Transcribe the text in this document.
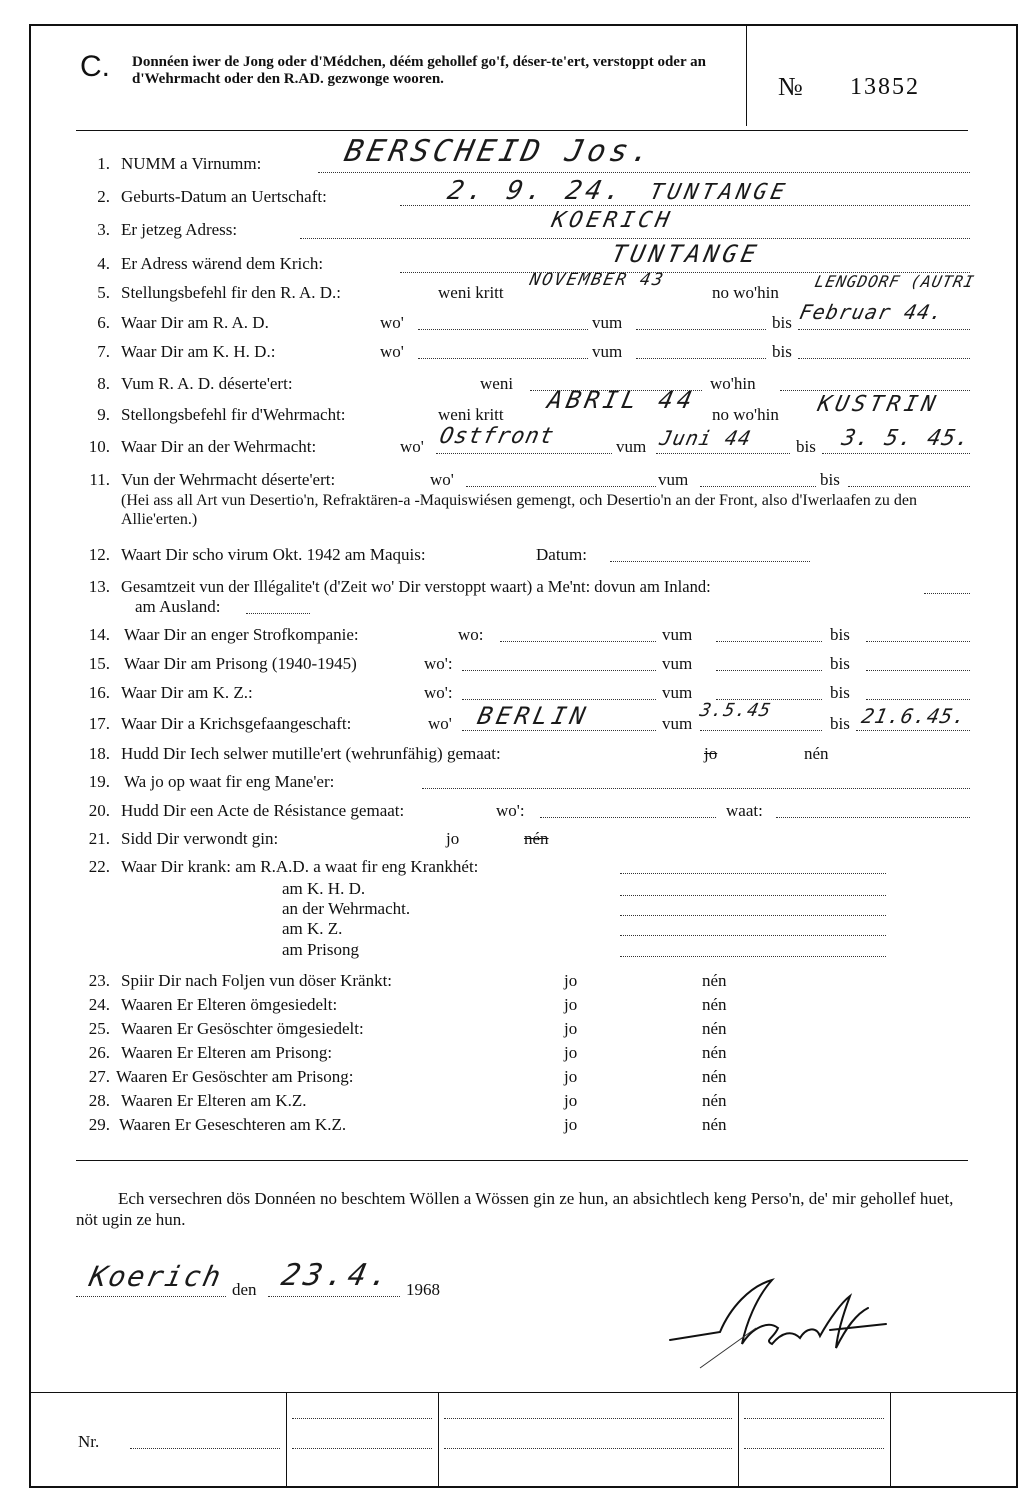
C. Donnéen iwer de Jong oder d'Médchen, déém gehollef go'f, déser-te'ert, verstoppt oder an d'Wehrmacht oder den R.AD. gezwonge wooren.	№ 13852
1. NUMM a Virnumm:	BERSCHEID Jos.
2. Geburts-Datum an Uertschaft:	2. 9. 24. TUNTANGE
3. Er jetzeg Adress:	KOERICH
4. Er Adress wärend dem Krich:	TUNTANGE
5. Stellungsbefehl fir den R. A. D.:	weni kritt	no wo'hin
NOVEMBER 43	LENGDORF (AUTRI
6. Waar Dir am R. A. D.	wo'	vum	bis Februar 44.
7. Waar Dir am K. H. D.:	wo'	vum	bis
8. Vum R. A. D. déserte'ert:	weni	wo'hin
9. Stellongsbefehl fir d'Wehrmacht:	weni kritt	no wo'hin
ABRIL 44	KUSTRIN
10. Waar Dir an der Wehrmacht:	wo'	vum	bis
Ostfront	Juni 44	3. 5. 45.
11. Vun der Wehrmacht déserte'ert:	wo'	vum	bis
(Hei ass all Art vun Desertio'n, Refraktären-a -Maquiswiésen gemengt, och Desertio'n an der Front, also d'Iwerlaafen zu den Allie'erten.)
12. Waart Dir scho virum Okt. 1942 am Maquis:	Datum:
13. Gesamtzeit vun der Illégalite't (d'Zeit wo' Dir verstoppt waart) a Me'nt: dovun am Inland:
am Ausland:
14. Waar Dir an enger Strofkompanie:	wo:	vum	bis
15. Waar Dir am Prisong (1940-1945)	wo':	vum	bis
16. Waar Dir am K. Z.:	wo':	vum	bis
17. Waar Dir a Krichsgefaangeschaft:	wo'	vum	bis
BERLIN	3.5.45	21.6.45.
18. Hudd Dir Iech selwer mutille'ert (wehrunfähig) gemaat:	jo	nén
19. Wa jo op waat fir eng Mane'er:
20. Hudd Dir een Acte de Résistance gemaat:	wo':	waat:
21. Sidd Dir verwondt gin:	jo	nén
22. Waar Dir krank: am R.A.D. a waat fir eng Krankhét:
am K. H. D.
an der Wehrmacht.
am K. Z.
am Prisong
23. Spiir Dir nach Foljen vun döser Kränkt:	jo	nén
24. Waaren Er Elteren ömgesiedelt:	jo	nén
25. Waaren Er Gesöschter ömgesiedelt:	jo	nén
26. Waaren Er Elteren am Prisong:	jo	nén
27. Waaren Er Gesöschter am Prisong:	jo	nén
28. Waaren Er Elteren am K.Z.	jo	nén
29. Waaren Er Geseschteren am K.Z.	jo	nén
Ech versechren dös Donnéen no beschtem Wöllen a Wössen gin ze hun, an absichtlech keng Perso'n, de' mir gehollef huet, nöt ugin ze hun.
Koerich den 23.4. 1968
Nr.
